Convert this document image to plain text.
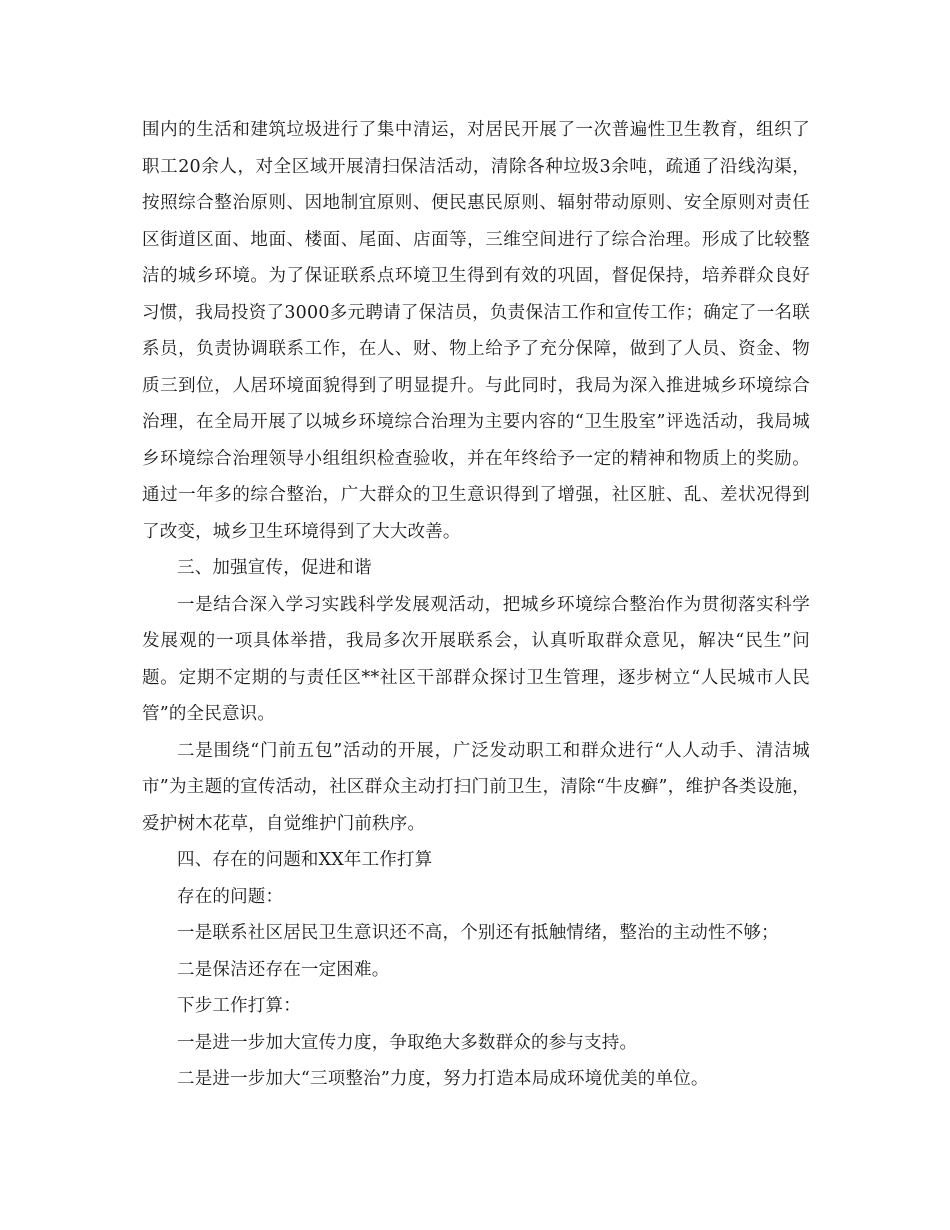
围内的生活和建筑垃圾进行了集中清运，对居民开展了一次普遍性卫生教育，组织了职工20余人，对全区域开展清扫保洁活动，清除各种垃圾3余吨，疏通了沿线沟渠，按照综合整治原则、因地制宜原则、便民惠民原则、辐射带动原则、安全原则对责任区街道区面、地面、楼面、尾面、店面等，三维空间进行了综合治理。形成了比较整洁的城乡环境。为了保证联系点环境卫生得到有效的巩固，督促保持，培养群众良好习惯，我局投资了3000多元聘请了保洁员，负责保洁工作和宣传工作；确定了一名联系员，负责协调联系工作，在人、财、物上给予了充分保障，做到了人员、资金、物质三到位，人居环境面貌得到了明显提升。与此同时，我局为深入推进城乡环境综合治理，在全局开展了以城乡环境综合治理为主要内容的“卫生股室”评选活动，我局城乡环境综合治理领导小组组织检查验收，并在年终给予一定的精神和物质上的奖励。通过一年多的综合整治，广大群众的卫生意识得到了增强，社区脏、乱、差状况得到了改变，城乡卫生环境得到了大大改善。

三、加强宣传，促进和谐

一是结合深入学习实践科学发展观活动，把城乡环境综合整治作为贯彻落实科学发展观的一项具体举措，我局多次开展联系会，认真听取群众意见，解决“民生”问题。定期不定期的与责任区**社区干部群众探讨卫生管理，逐步树立“人民城市人民管”的全民意识。

二是围绕“门前五包”活动的开展，广泛发动职工和群众进行“人人动手、清洁城市”为主题的宣传活动，社区群众主动打扫门前卫生，清除“牛皮癣”，维护各类设施，爱护树木花草，自觉维护门前秩序。

四、存在的问题和XX年工作打算

存在的问题：

一是联系社区居民卫生意识还不高，个别还有抵触情绪，整治的主动性不够；

二是保洁还存在一定困难。

下步工作打算：

一是进一步加大宣传力度，争取绝大多数群众的参与支持。

二是进一步加大“三项整治”力度，努力打造本局成环境优美的单位。
